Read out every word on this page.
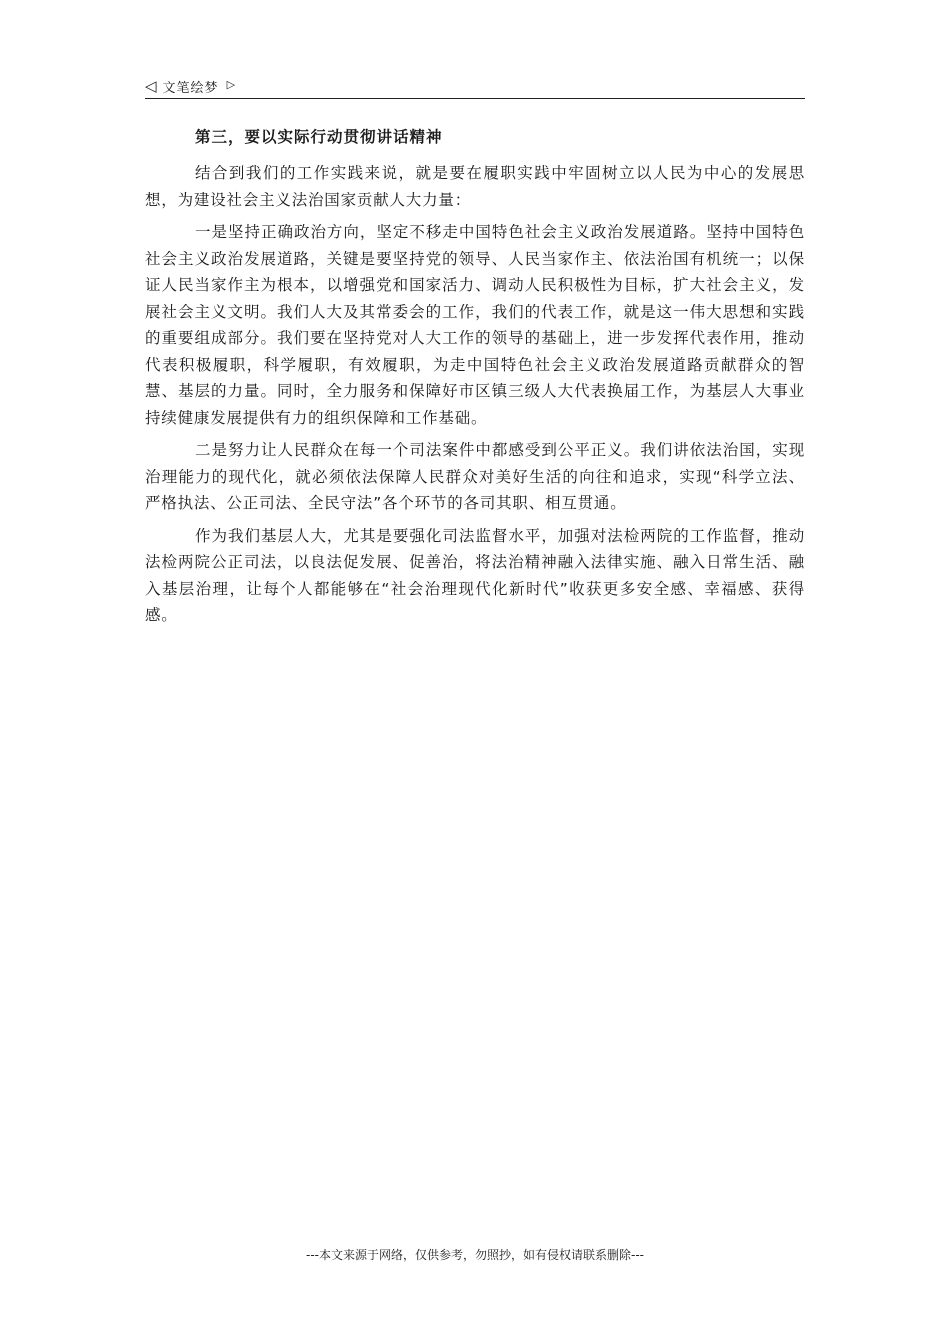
◁ 文笔绘梦 ▷

第三，要以实际行动贯彻讲话精神

结合到我们的工作实践来说，就是要在履职实践中牢固树立以人民为中心的发展思想，为建设社会主义法治国家贡献人大力量：

一是坚持正确政治方向，坚定不移走中国特色社会主义政治发展道路。坚持中国特色社会主义政治发展道路，关键是要坚持党的领导、人民当家作主、依法治国有机统一；以保证人民当家作主为根本，以增强党和国家活力、调动人民积极性为目标，扩大社会主义，发展社会主义文明。我们人大及其常委会的工作，我们的代表工作，就是这一伟大思想和实践的重要组成部分。我们要在坚持党对人大工作的领导的基础上，进一步发挥代表作用，推动代表积极履职，科学履职，有效履职，为走中国特色社会主义政治发展道路贡献群众的智慧、基层的力量。同时，全力服务和保障好市区镇三级人大代表换届工作，为基层人大事业持续健康发展提供有力的组织保障和工作基础。

二是努力让人民群众在每一个司法案件中都感受到公平正义。我们讲依法治国，实现治理能力的现代化，就必须依法保障人民群众对美好生活的向往和追求，实现“科学立法、严格执法、公正司法、全民守法”各个环节的各司其职、相互贯通。

作为我们基层人大，尤其是要强化司法监督水平，加强对法检两院的工作监督，推动法检两院公正司法，以良法促发展、促善治，将法治精神融入法律实施、融入日常生活、融入基层治理，让每个人都能够在“社会治理现代化新时代”收获更多安全感、幸福感、获得感。

---本文来源于网络，仅供参考，勿照抄，如有侵权请联系删除---
